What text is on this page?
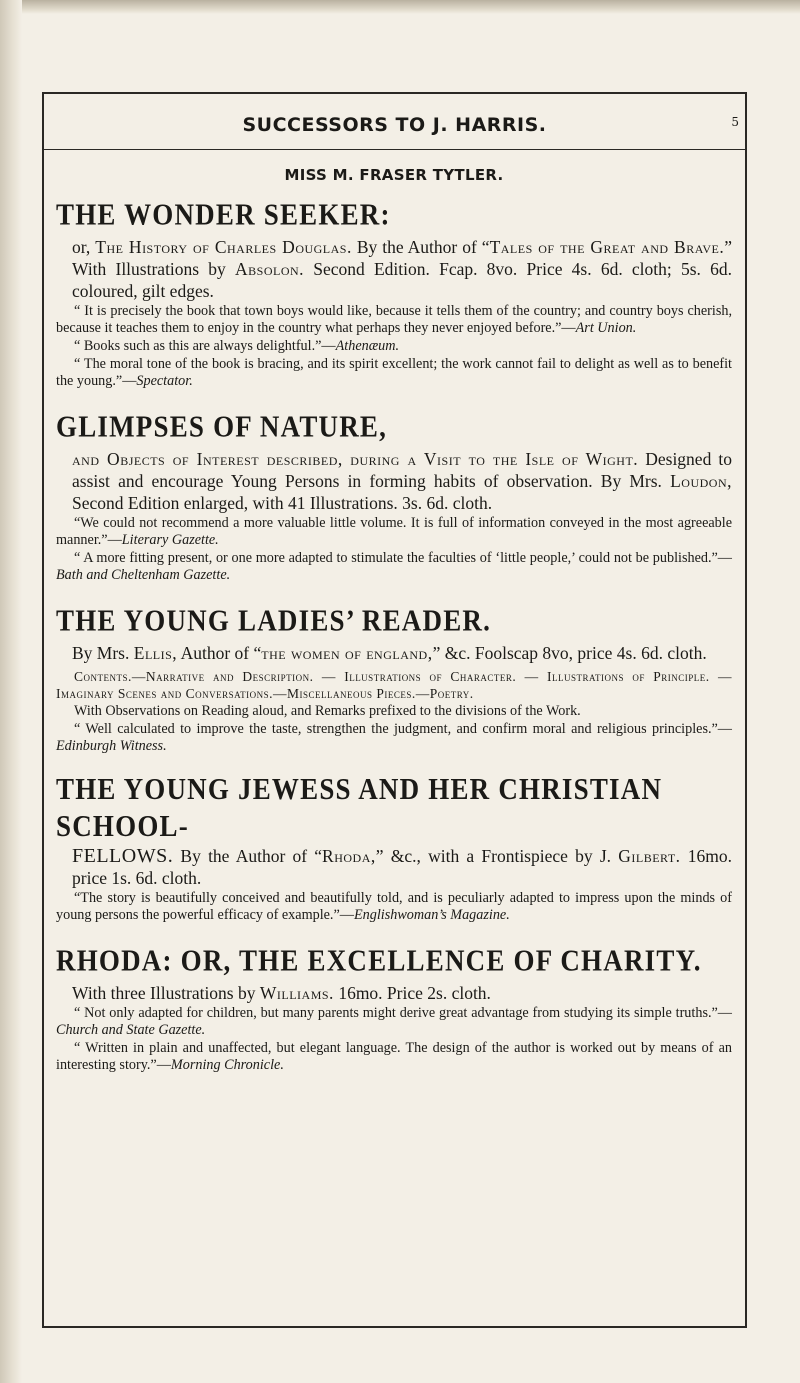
SUCCESSORS TO J. HARRIS.	5
MISS M. FRASER TYTLER.
THE WONDER SEEKER:
or, The History of Charles Douglas. By the Author of “Tales of the Great and Brave.” With Illustrations by Absolon. Second Edition. Fcap. 8vo. Price 4s. 6d. cloth; 5s. 6d. coloured, gilt edges.
“ It is precisely the book that town boys would like, because it tells them of the country; and country boys cherish, because it teaches them to enjoy in the country what perhaps they never enjoyed before.”—Art Union.
“ Books such as this are always delightful.”—Athenæum.
“ The moral tone of the book is bracing, and its spirit excellent; the work cannot fail to delight as well as to benefit the young.”—Spectator.
GLIMPSES OF NATURE,
and Objects of Interest described, during a Visit to the Isle of Wight. Designed to assist and encourage Young Persons in forming habits of observation. By Mrs. Loudon, Second Edition enlarged, with 41 Illustrations. 3s. 6d. cloth.
“We could not recommend a more valuable little volume. It is full of information conveyed in the most agreeable manner.”—Literary Gazette.
“ A more fitting present, or one more adapted to stimulate the faculties of ‘little people,’ could not be published.”—Bath and Cheltenham Gazette.
THE YOUNG LADIES’ READER.
By Mrs. Ellis, Author of “the women of england,” &c. Foolscap 8vo, price 4s. 6d. cloth.
Contents.—Narrative and Description. — Illustrations of Character. — Illustrations of Principle. — Imaginary Scenes and Conversations.—Miscellaneous Pieces.—Poetry.
With Observations on Reading aloud, and Remarks prefixed to the divisions of the Work.
“ Well calculated to improve the taste, strengthen the judgment, and confirm moral and religious principles.”—Edinburgh Witness.
THE YOUNG JEWESS AND HER CHRISTIAN SCHOOL-
FELLOWS. By the Author of “Rhoda,” &c., with a Frontispiece by J. Gilbert. 16mo. price 1s. 6d. cloth.
“The story is beautifully conceived and beautifully told, and is peculiarly adapted to impress upon the minds of young persons the powerful efficacy of example.”—Englishwoman’s Magazine.
RHODA: OR, THE EXCELLENCE OF CHARITY.
With three Illustrations by Williams. 16mo. Price 2s. cloth.
“ Not only adapted for children, but many parents might derive great advantage from studying its simple truths.”—Church and State Gazette.
“ Written in plain and unaffected, but elegant language. The design of the author is worked out by means of an interesting story.”—Morning Chronicle.
